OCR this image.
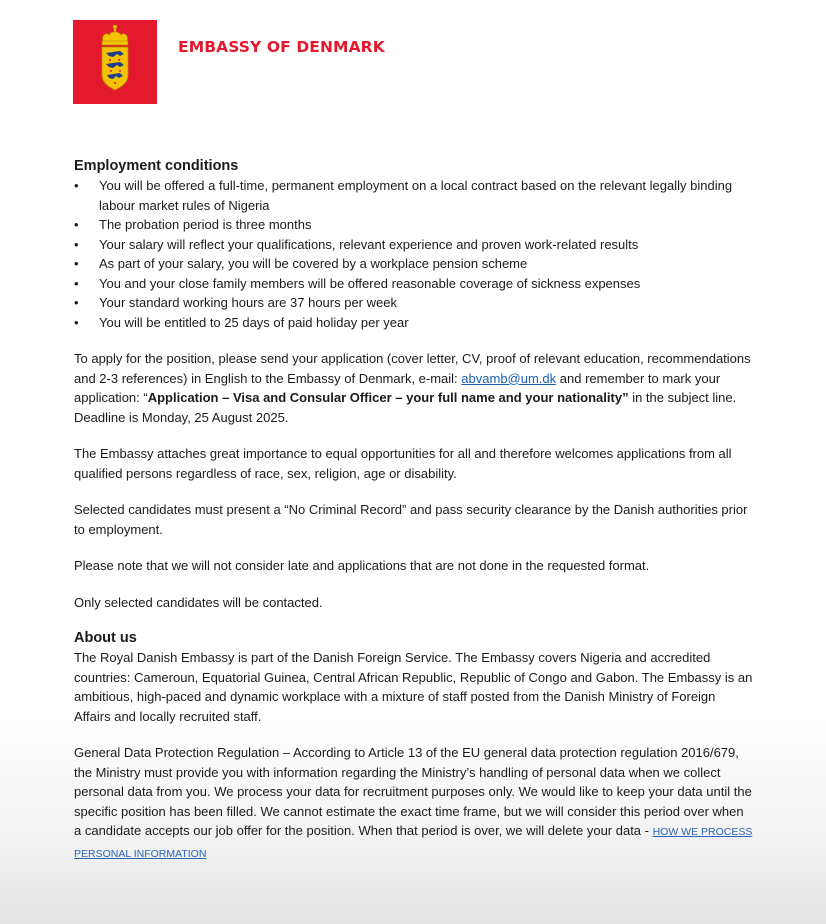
EMBASSY OF DENMARK
Employment conditions
• You will be offered a full-time, permanent employment on a local contract based on the relevant legally binding labour market rules of Nigeria
• The probation period is three months
• Your salary will reflect your qualifications, relevant experience and proven work-related results
• As part of your salary, you will be covered by a workplace pension scheme
• You and your close family members will be offered reasonable coverage of sickness expenses
• Your standard working hours are 37 hours per week
• You will be entitled to 25 days of paid holiday per year

To apply for the position, please send your application (cover letter, CV, proof of relevant education, recommendations and 2-3 references) in English to the Embassy of Denmark, e-mail: abvamb@um.dk and remember to mark your application: “Application – Visa and Consular Officer – your full name and your nationality” in the subject line. Deadline is Monday, 25 August 2025.

The Embassy attaches great importance to equal opportunities for all and therefore welcomes applications from all qualified persons regardless of race, sex, religion, age or disability.

Selected candidates must present a “No Criminal Record” and pass security clearance by the Danish authorities prior to employment.

Please note that we will not consider late and applications that are not done in the requested format.

Only selected candidates will be contacted.

About us

The Royal Danish Embassy is part of the Danish Foreign Service. The Embassy covers Nigeria and accredited countries: Cameroun, Equatorial Guinea, Central African Republic, Republic of Congo and Gabon. The Embassy is an ambitious, high-paced and dynamic workplace with a mixture of staff posted from the Danish Ministry of Foreign Affairs and locally recruited staff.

General Data Protection Regulation – According to Article 13 of the EU general data protection regulation 2016/679, the Ministry must provide you with information regarding the Ministry’s handling of personal data when we collect personal data from you. We process your data for recruitment purposes only. We would like to keep your data until the specific position has been filled. We cannot estimate the exact time frame, but we will consider this period over when a candidate accepts our job offer for the position. When that period is over, we will delete your data - HOW WE PROCESS PERSONAL INFORMATION
